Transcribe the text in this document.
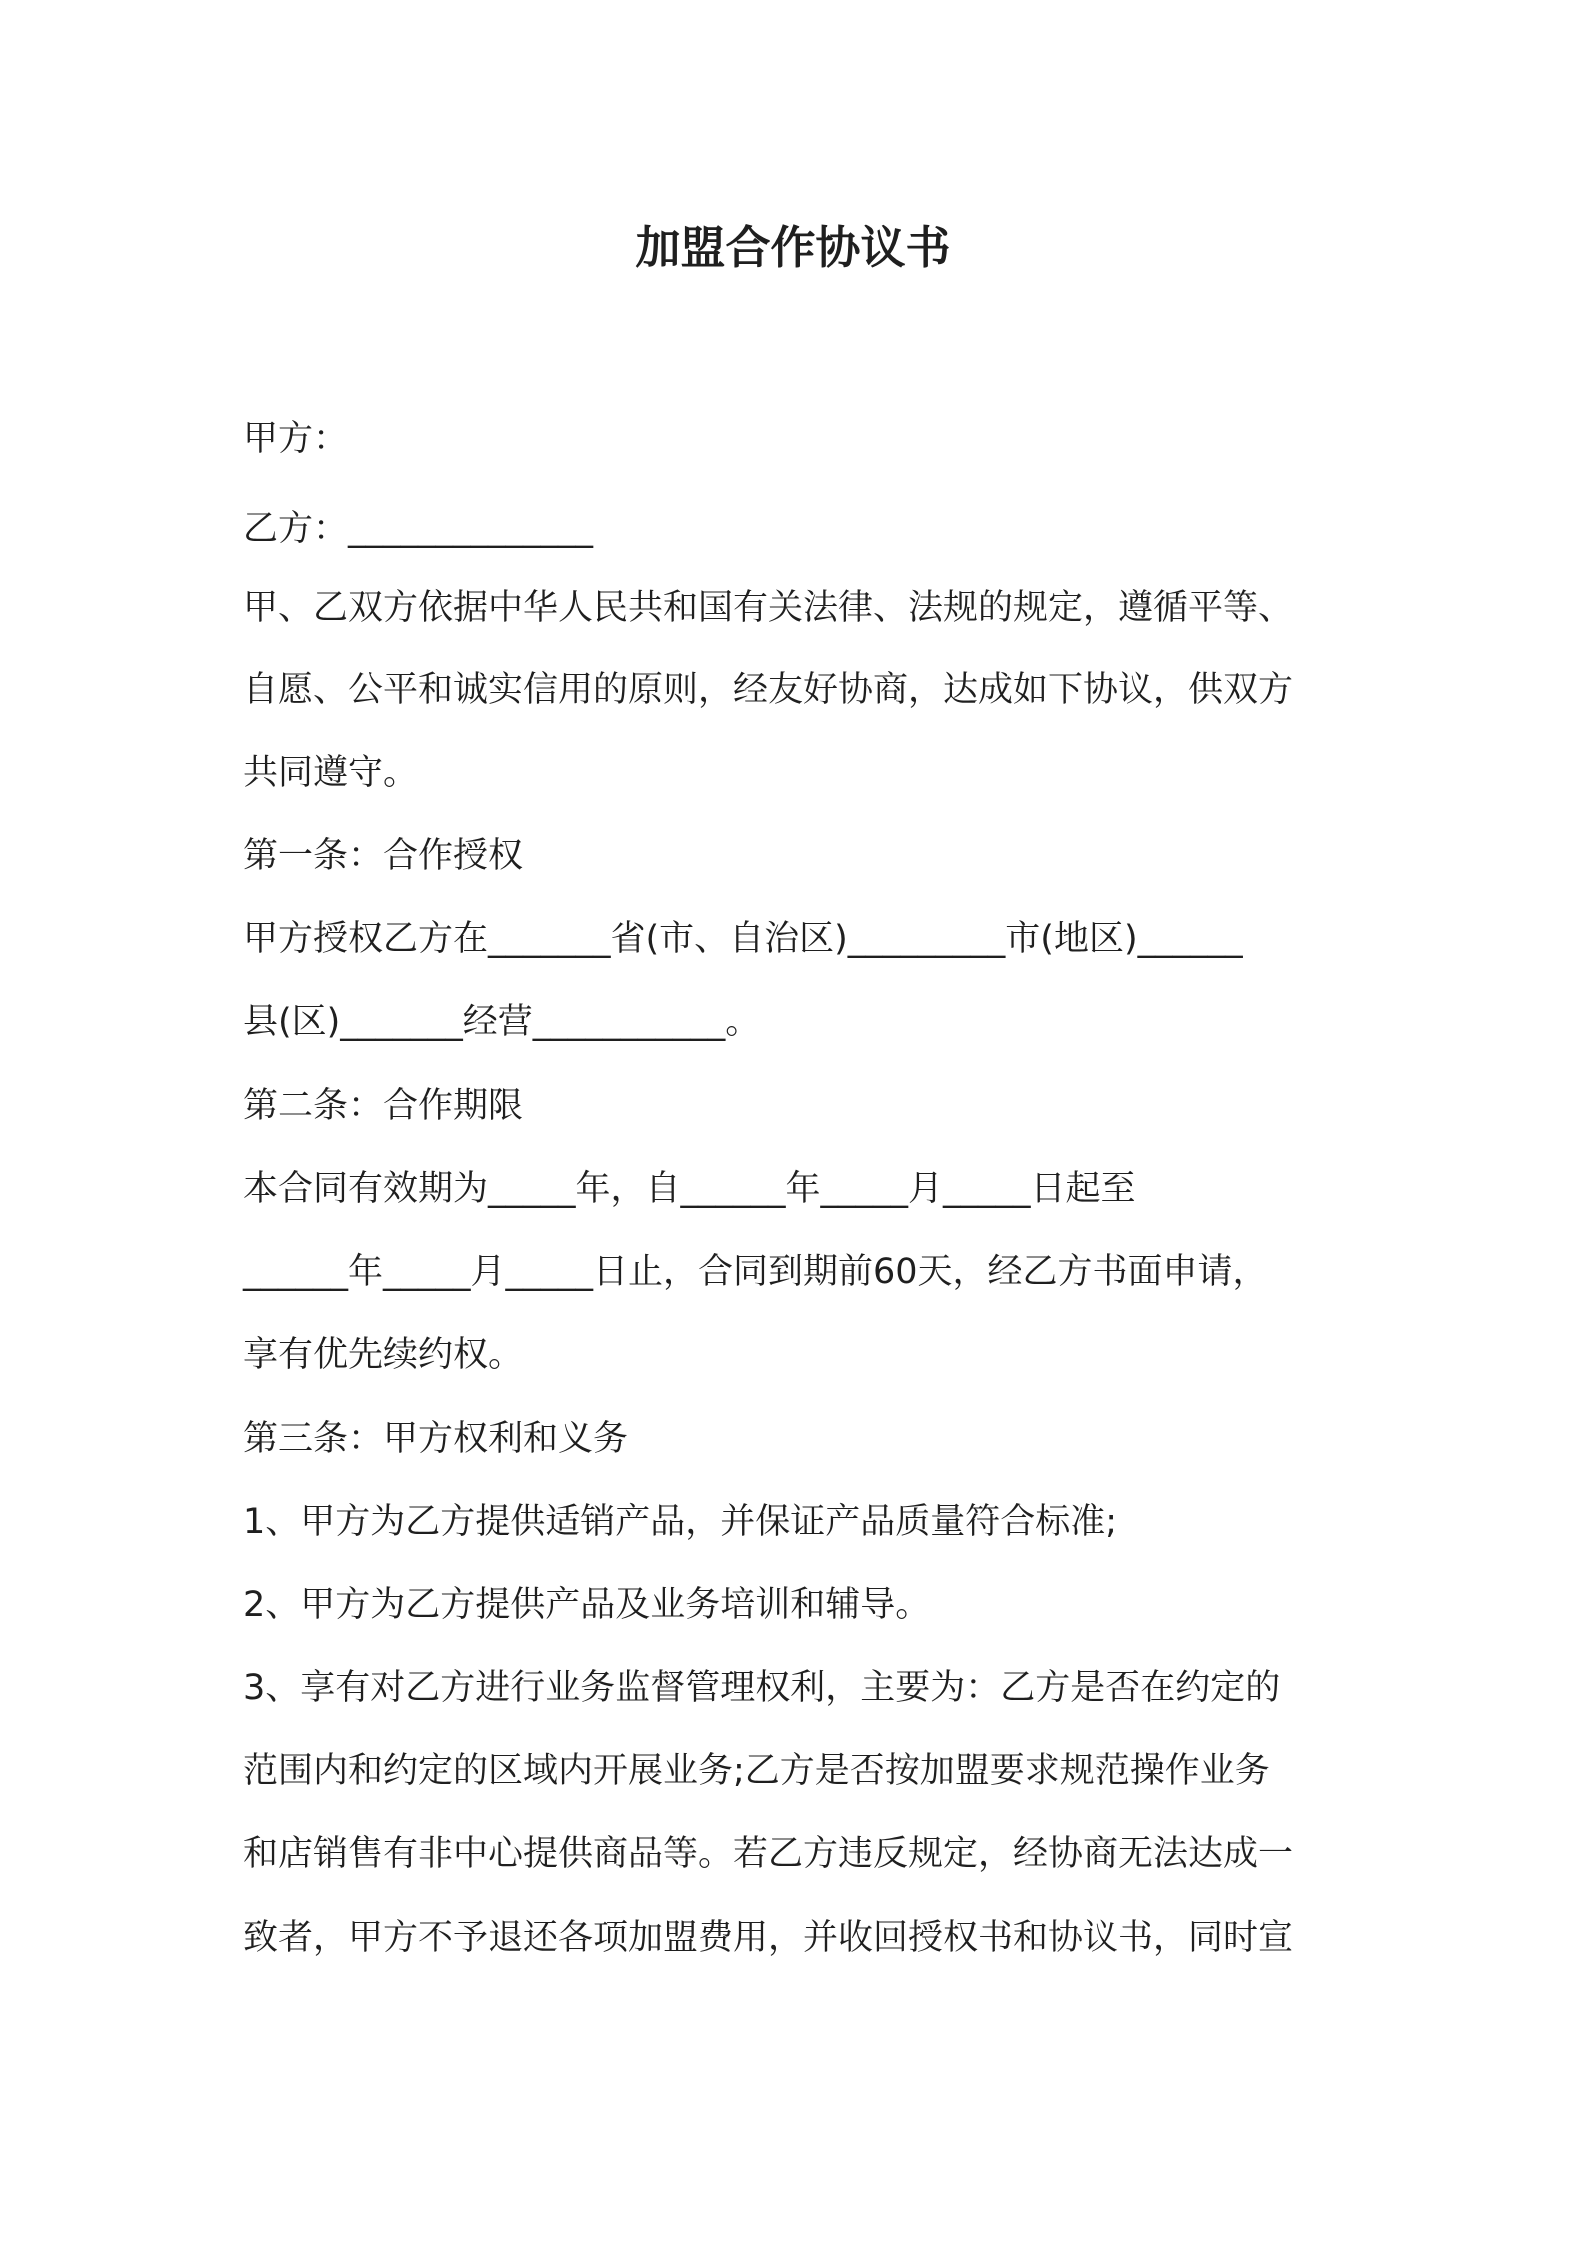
加盟合作协议书

甲方：

乙方：______________

甲、乙双方依据中华人民共和国有关法律、法规的规定，遵循平等、

自愿、公平和诚实信用的原则，经友好协商，达成如下协议，供双方

共同遵守。

第一条：合作授权

甲方授权乙方在_______省(市、自治区)_________市(地区)______

县(区)_______经营___________。

第二条：合作期限

本合同有效期为_____年，自______年_____月_____日起至

______年_____月_____日止，合同到期前60天，经乙方书面申请，

享有优先续约权。

第三条：甲方权利和义务

1、甲方为乙方提供适销产品，并保证产品质量符合标准;

2、甲方为乙方提供产品及业务培训和辅导。

3、享有对乙方进行业务监督管理权利，主要为：乙方是否在约定的

范围内和约定的区域内开展业务;乙方是否按加盟要求规范操作业务

和店销售有非中心提供商品等。若乙方违反规定，经协商无法达成一

致者，甲方不予退还各项加盟费用，并收回授权书和协议书，同时宣
